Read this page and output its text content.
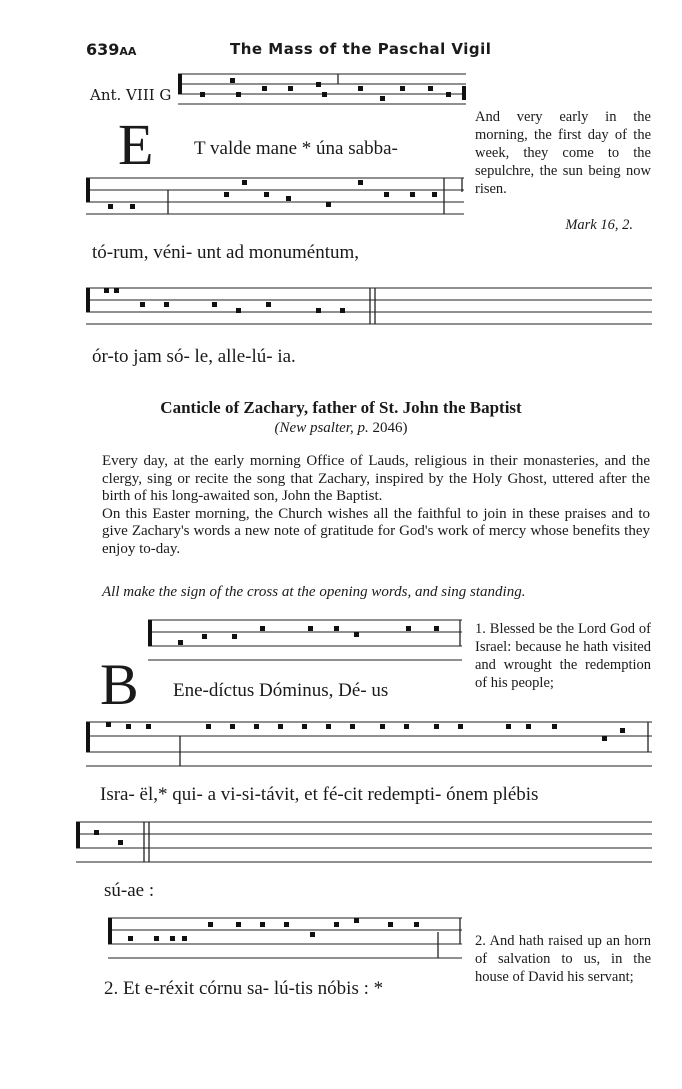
639AA	The Mass of the Paschal Vigil
Ant. VIII G
E T valde mane * úna sabba-
And very early in the morning, the first day of the week, they come to the sepulchre, the sun being now risen.
Mark 16, 2.
tó-rum, véni- unt ad monuméntum,
ór-to jam só- le, alle-lú- ia.
Canticle of Zachary, father of St. John the Baptist
(New psalter, p. 2046)

Every day, at the early morning Office of Lauds, religious in their monasteries, and the clergy, sing or recite the song that Zachary, inspired by the Holy Ghost, uttered after the birth of his long-awaited son, John the Baptist.

On this Easter morning, the Church wishes all the faithful to join in these praises and to give Zachary's words a new note of gratitude for God's work of mercy whose benefits they enjoy to-day.

All make the sign of the cross at the opening words, and sing standing.
B Ene-díctus Dóminus, Dé- us
1. Blessed be the Lord God of Israel: because he hath visited and wrought the redemption of his people;
Isra- ël,* qui- a vi-si-távit, et fé-cit redempti- ónem plébis
sú-ae :
2. Et e-réxit córnu sa- lú-tis nóbis : *
2. And hath raised up an horn of salvation to us, in the house of David his servant;
